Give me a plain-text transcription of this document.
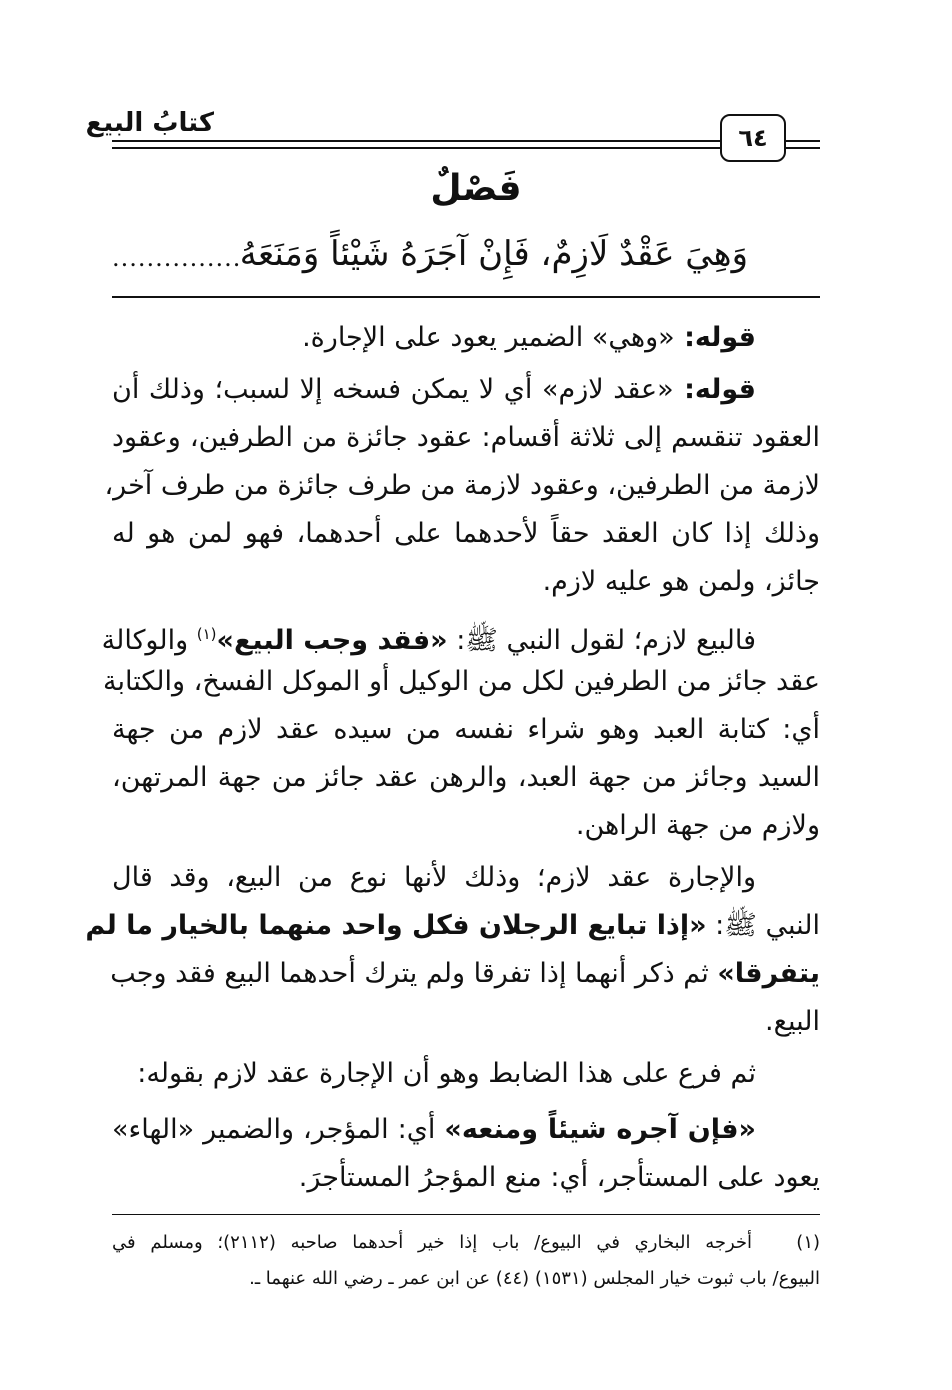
كتابُ البيع	٦٤
فَصْلٌ
وَهِيَ عَقْدٌ لَازِمٌ، فَإِنْ آجَرَهُ شَيْئاً وَمَنَعَهُ
...............
قوله: «وهي» الضمير يعود على الإجارة.
قوله: «عقد لازم» أي لا يمكن فسخه إلا لسبب؛ وذلك أن
العقود تنقسم إلى ثلاثة أقسام: عقود جائزة من الطرفين، وعقود
لازمة من الطرفين، وعقود لازمة من طرف جائزة من طرف آخر،
وذلك إذا كان العقد حقاً لأحدهما على أحدهما، فهو لمن هو له
جائز، ولمن هو عليه لازم.
فالبيع لازم؛ لقول النبي ﷺ: «فقد وجب البيع»$^{(١)}$ والوكالة
عقد جائز من الطرفين لكل من الوكيل أو الموكل الفسخ، والكتابة
أي: كتابة العبد وهو شراء نفسه من سيده عقد لازم من جهة
السيد وجائز من جهة العبد، والرهن عقد جائز من جهة المرتهن،
ولازم من جهة الراهن.
والإجارة عقد لازم؛ وذلك لأنها نوع من البيع، وقد قال
النبي ﷺ: «إذا تبايع الرجلان فكل واحد منهما بالخيار ما لم
يتفرقا» ثم ذكر أنهما إذا تفرقا ولم يترك أحدهما البيع فقد وجب
البيع.
ثم فرع على هذا الضابط وهو أن الإجارة عقد لازم بقوله:
«فإن آجره شيئاً ومنعه» أي: المؤجر، والضمير «الهاء»
يعود على المستأجر، أي: منع المؤجرُ المستأجرَ.
(١)   أخرجه البخاري في البيوع/ باب إذا خير أحدهما صاحبه (٢١١٢)؛ ومسلم في
البيوع/ باب ثبوت خيار المجلس (١٥٣١) (٤٤) عن ابن عمر ـ رضي الله عنهما ـ.
